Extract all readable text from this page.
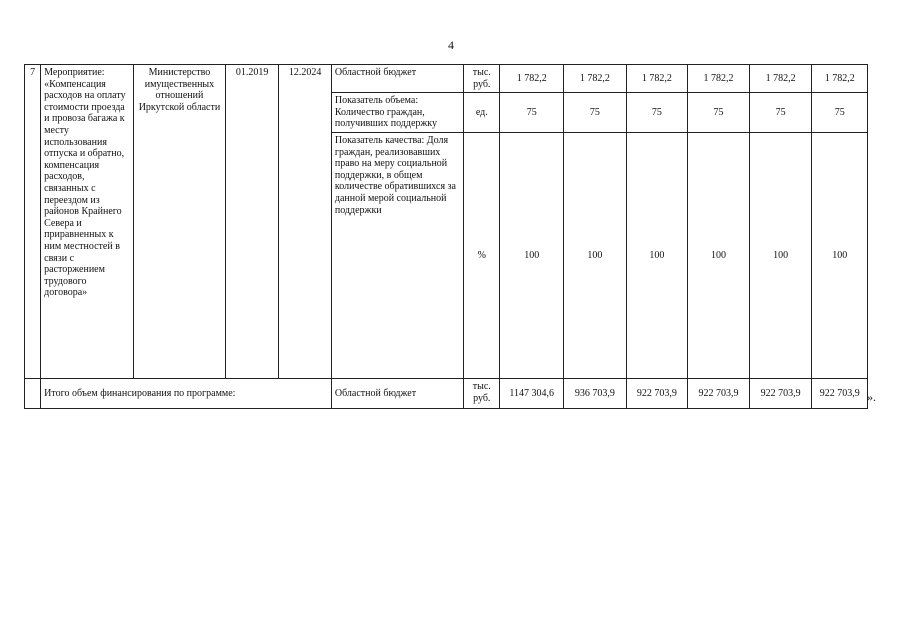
4
7	Мероприятие: «Компенсация расходов на оплату стоимости проезда и провоза багажа к месту использования отпуска и обратно, компенсация расходов, связанных с переездом из районов Крайнего Севера и приравненных к ним местностей в связи с расторжением трудового договора»	Министерство имущественных отношений Иркутской области	01.2019	12.2024	Областной бюджет	тыс. руб.	1 782,2	1 782,2	1 782,2	1 782,2	1 782,2	1 782,2
					Показатель объема: Количество граждан, получивших поддержку	ед.	75	75	75	75	75	75
					Показатель качества: Доля граждан, реализовавших право на меру социальной поддержки, в общем количестве обратившихся за данной мерой социальной поддержки	%	100	100	100	100	100	100
	Итого объем финансирования по программе:				Областной бюджет	тыс. руб.	1147 304,6	936 703,9	922 703,9	922 703,9	922 703,9	922 703,9 ».
